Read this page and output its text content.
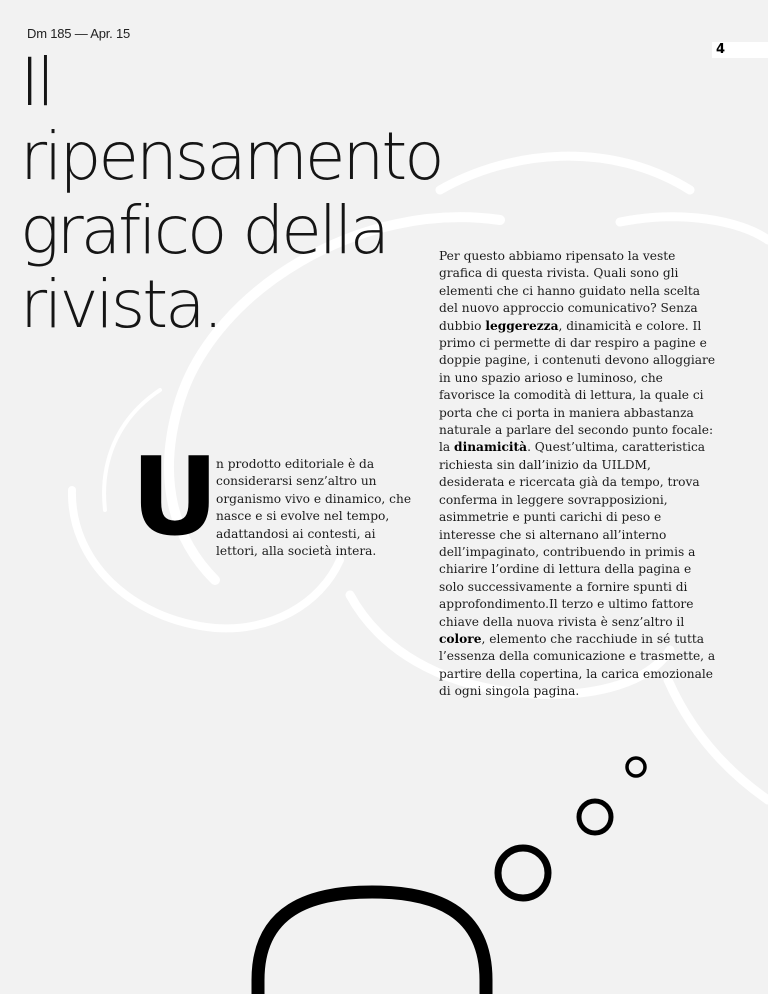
Dm 185 — Apr. 15
4
Il ripensamento grafico della rivista.
U n prodotto editoriale è da considerarsi senz’altro un organismo vivo e dinamico, che nasce e si evolve nel tempo, adattandosi ai contesti, ai lettori, alla società intera.

Per questo abbiamo ripensato la veste grafica di questa rivista. Quali sono gli elementi che ci hanno guidato nella scelta del nuovo approccio comunicativo? Senza dubbio leggerezza, dinamicità e colore. Il primo ci permette di dar respiro a pagine e doppie pagine, i contenuti devono alloggiare in uno spazio arioso e luminoso, che favorisce la comodità di lettura, la quale ci porta che ci porta in maniera abbastanza naturale a parlare del secondo punto focale: la dinamicità. Quest’ultima, caratteristica richiesta sin dall’inizio da UILDM, desiderata e ricercata già da tempo, trova conferma in leggere sovrapposizioni, asimmetrie e punti carichi di peso e interesse che si alternano all’interno dell’impaginato, contribuendo in primis a chiarire l’ordine di lettura della pagina e solo successivamente a fornire spunti di approfondimento.Il terzo e ultimo fattore chiave della nuova rivista è senz’altro il colore, elemento che racchiude in sé tutta l’essenza della comunicazione e trasmette, a partire della copertina, la carica emozionale di ogni singola pagina.
